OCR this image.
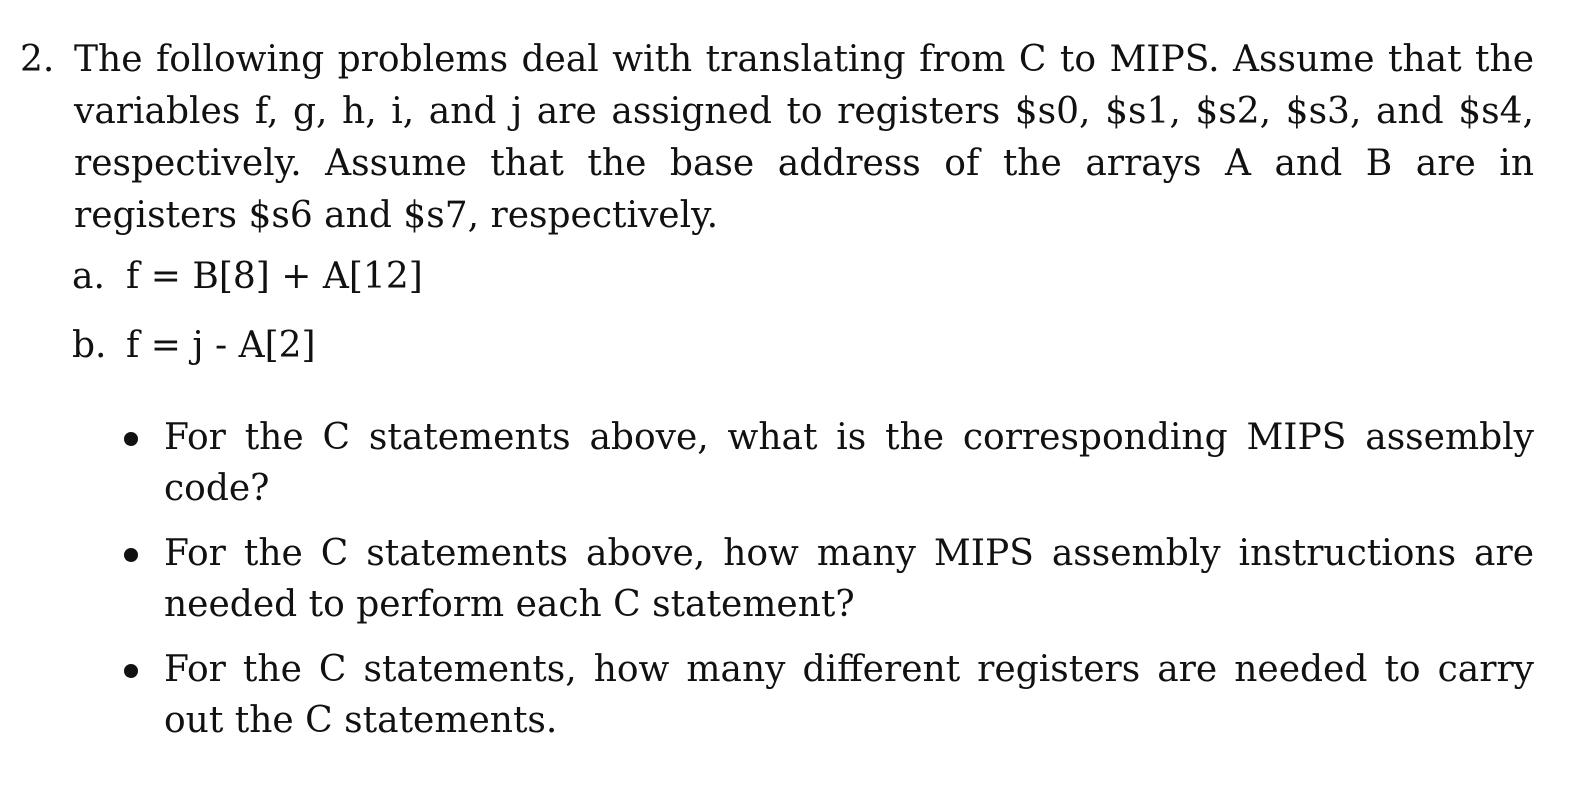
2. The following problems deal with translating from C to MIPS. Assume that the variables f, g, h, i, and j are assigned to registers $s0, $s1, $s2, $s3, and $s4, respectively. Assume that the base address of the arrays A and B are in registers $s6 and $s7, respectively.
a. f = B[8] + A[12]
b. f = j - A[2]
For the C statements above, what is the corresponding MIPS assembly code?
For the C statements above, how many MIPS assembly instructions are needed to perform each C statement?
For the C statements, how many different registers are needed to carry out the C statements.
